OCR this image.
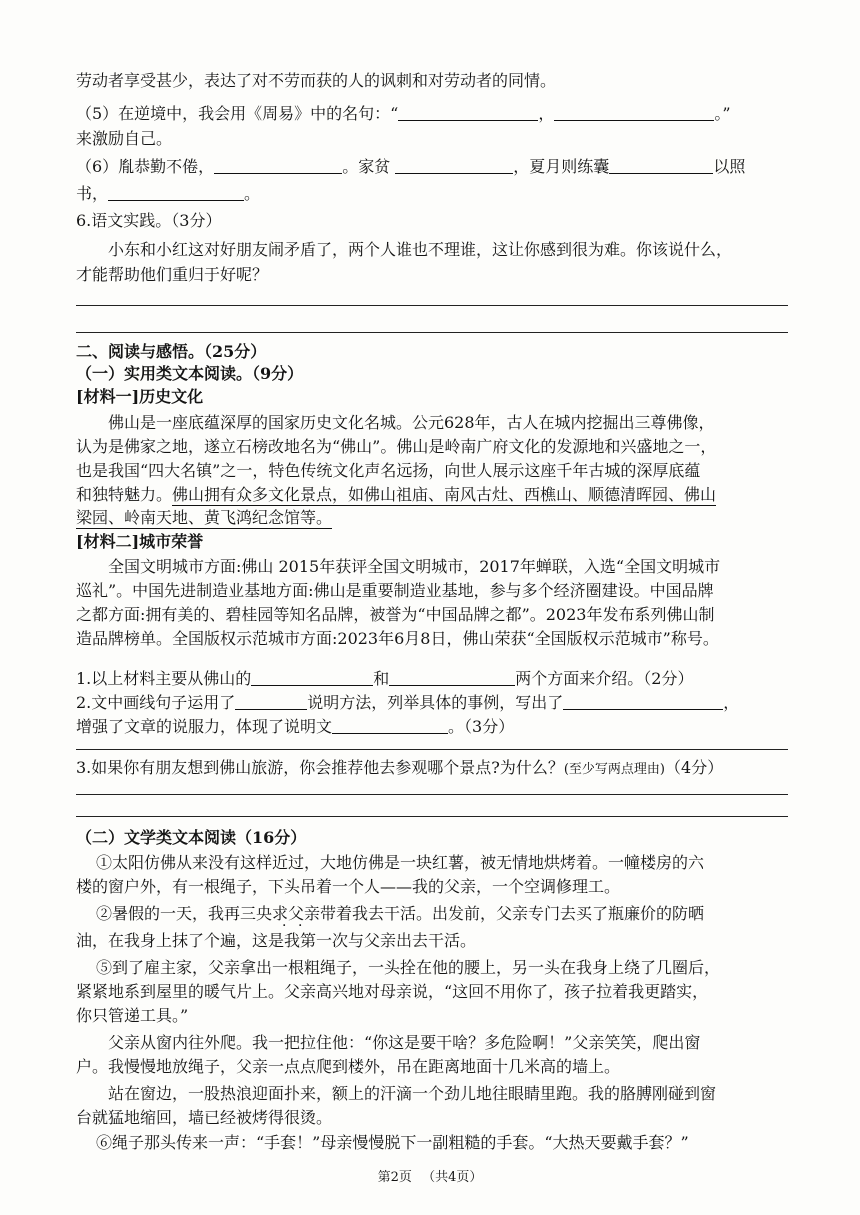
劳动者享受甚少，表达了对不劳而获的人的讽刺和对劳动者的同情。
（5）在逆境中，我会用《周易》中的名句：“	，	。”
来激励自己。
（6）胤恭勤不倦，	。家贫	，夏月则练囊	以照
书，	。
6.语文实践。（3分）
小东和小红这对好朋友闹矛盾了，两个人谁也不理谁，这让你感到很为难。你该说什么，
才能帮助他们重归于好呢？
二、阅读与感悟。（25分）
（一）实用类文本阅读。（9分）
[材料一]历史文化
佛山是一座底蕴深厚的国家历史文化名城。公元628年，古人在城内挖掘出三尊佛像，
认为是佛家之地，遂立石榜改地名为“佛山”。佛山是岭南广府文化的发源地和兴盛地之一，
也是我国“四大名镇”之一，特色传统文化声名远扬，向世人展示这座千年古城的深厚底蕴
和独特魅力。佛山拥有众多文化景点，如佛山祖庙、南风古灶、西樵山、顺德清晖园、佛山
梁园、岭南天地、黄飞鸿纪念馆等。
[材料二]城市荣誉
全国文明城市方面:佛山 2015年获评全国文明城市，2017年蝉联，入选“全国文明城市
巡礼”。中国先进制造业基地方面:佛山是重要制造业基地，参与多个经济圈建设。中国品牌
之都方面:拥有美的、碧桂园等知名品牌，被誉为“中国品牌之都”。2023年发布系列佛山制
造品牌榜单。全国版权示范城市方面:2023年6月8日，佛山荣获“全国版权示范城市”称号。
1.以上材料主要从佛山的	和	两个方面来介绍。（2分）
2.文中画线句子运用了	说明方法，列举具体的事例，写出了	，
增强了文章的说服力，体现了说明文	。（3分）
3.如果你有朋友想到佛山旅游，你会推荐他去参观哪个景点?为什么？(至少写两点理由)（4分）
（二）文学类文本阅读（16分）
①太阳仿佛从来没有这样近过，大地仿佛是一块红薯，被无情地烘烤着。一幢楼房的六
楼的窗户外，有一根绳子，下头吊着一个人——我的父亲，一个空调修理工。
②暑假的一天，我再三央 ·求 ·父亲带着我去干活。出发前，父亲专门去买了瓶廉价的防晒
油，在我身上抹了个遍，这是我第一次与父亲出去干活。
⑤到了雇主家，父亲拿出一根粗绳子，一头拴在他的腰上，另一头在我身上绕了几圈后，
紧紧地系到屋里的暖气片上。父亲高兴地对母亲说，“这回不用你了，孩子拉着我更踏实，
你只管递工具。”
父亲从窗内往外爬。我一把拉住他：“你这是要干啥？多危险啊！”父亲笑笑，爬出窗
户。我慢慢地放绳子，父亲一点点爬到楼外，吊在距离地面十几米高的墙上。
站在窗边，一股热浪迎面扑来，额上的汗滴一个劲儿地往眼睛里跑。我的胳膊刚碰到窗
台就猛地缩回，墙已经被烤得很烫。
⑥绳子那头传来一声：“手套！”母亲慢慢脱下一副粗糙的手套。“大热天要戴手套？”
第2页 （共4页）
